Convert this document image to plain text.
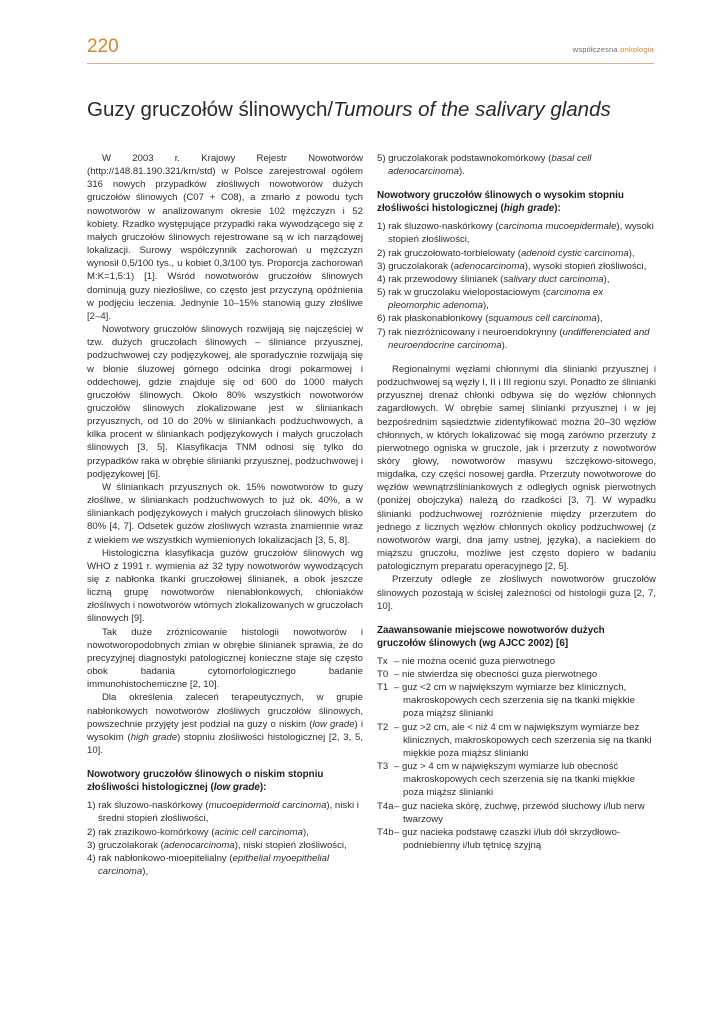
220	współczesna onkologia
Guzy gruczołów ślinowych/Tumours of the salivary glands

W 2003 r. Krajowy Rejestr Nowotworów (http://148.81.190.321/krn/std) w Polsce zarejestrował ogółem 316 nowych przypadków złośliwych nowotworów dużych gruczołów ślinowych (C07 + C08), a zmarło z powodu tych nowotworów w analizowanym okresie 102 mężczyzn i 52 kobiety. Rzadko występujące przypadki raka wywodzącego się z małych gruczołów ślinowych rejestrowane są w ich narządowej lokalizacji. Surowy współczynnik zachorowań u mężczyzn wynosił 0,5/100 tys., u kobiet 0,3/100 tys. Proporcja zachorowań M:K=1,5:1) [1]. Wśród nowotworów gruczołów ślinowych dominują guzy niezłośliwe, co często jest przyczyną opóźnienia w podjęciu leczenia. Jednynie 10–15% stanowią guzy złośliwe [2–4].

Nowotwory gruczołów ślinowych rozwijają się najczęściej w tzw. dużych gruczołach ślinowych – śliniance przyusznej, podżuchwowej czy podjęzykowej, ale sporadycznie rozwijają się w błonie śluzowej górnego odcinka drogi pokarmowej i oddechowej, gdzie znajduje się od 600 do 1000 małych gruczołów ślinowych. Około 80% wszystkich nowotworów gruczołów ślinowych zlokalizowane jest w śliniankach przyusznych, od 10 do 20% w śliniankach podżuchwowych, a kilka procent w śliniankach podjęzykowych i małych gruczołach ślinowych [3, 5]. Klasyfikacja TNM odnosi się tylko do przypadków raka w obrębie ślinianki przyusznej, podżuchwowej i podjęzykowej [6].

W śliniankach przyusznych ok. 15% nowotworów to guzy złośliwe, w śliniankach podżuchwowych to już ok. 40%, a w śliniankach podjęzykowych i małych gruczołach ślinowych blisko 80% [4, 7]. Odsetek guzów złośliwych wzrasta znamiennie wraz z wiekiem we wszystkich wymienionych lokalizacjach [3, 5, 8].

Histologiczna klasyfikacja guzów gruczołów ślinowych wg WHO z 1991 r. wymienia aż 32 typy nowotworów wywodzących się z nabłonka tkanki gruczołowej ślinianek, a obok jeszcze liczną grupę nowotworów nienabłonkowych, chłoniaków złośliwych i nowotworów wtórnych zlokalizowanych w gruczołach ślinowych [9].

Tak duże zróżnicowanie histologii nowotworów i nowotworopodobnych zmian w obrębie ślinianek sprawia, że do precyzyjnej diagnostyki patologicznej konieczne staje się często obok badania cytomorfologicznego badanie immunohistochemiczne [2, 10].

Dla określenia zaleceń terapeutycznych, w grupie nabłonkowych nowotworów złośliwych gruczołów ślinowych, powszechnie przyjęty jest podział na guzy o niskim (low grade) i wysokim (high grade) stopniu złośliwości histologicznej [2, 3, 5, 10].

Nowotwory gruczołów ślinowych o niskim stopniu złośliwości histologicznej (low grade):
1) rak śluzowo-naskórkowy (mucoepidermoid carcinoma), niski i średni stopień złośliwości,
2) rak zrazikowo-komórkowy (acinic cell carcinoma),
3) gruczolakorak (adenocarcinoma), niski stopień złośliwości,
4) rak nabłonkowo-mioepitelialny (epithelial myoepithelial carcinoma),
5) gruczolakorak podstawnokomórkowy (basal cell adenocarcinoma).
Nowotwory gruczołów ślinowych o wysokim stopniu złośliwości histologicznej (high grade):
1) rak śluzowo-naskórkowy (carcinoma mucoepidermale), wysoki stopień złośliwości,
2) rak gruczołowato-torbielowaty (adenoid cystic carcinoma),
3) gruczolakorak (adenocarcinoma), wysoki stopień złośliwości,
4) rak przewodowy ślinianek (salivary duct carcinoma),
5) rak w gruczolaku wielopostaciowym (carcinoma ex pleomorphic adenoma),
6) rak płaskonabłonkowy (squamous cell carcinoma),
7) rak niezróżnicowany i neuroendokrynny (undifferenciated and neuroendocrine carcinoma).

Regionalnymi węzłami chłonnymi dla ślinianki przyusznej i podżuchwowej są węzły I, II i III regionu szyi. Ponadto ze ślinianki przyusznej drenaż chłonki odbywa się do węzłów chłonnych zagardłowych. W obrębie samej ślinianki przyusznej i w jej bezpośrednim sąsiedztwie zidentyfikować można 20–30 węzłów chłonnych, w których lokalizować się mogą zarówno przerzuty z pierwotnego ogniska w gruczole, jak i przerzuty z nowotworów skóry głowy, nowotworów masywu szczękowo-sitowego, migdałka, czy części nosowej gardła. Przerzuty nowotworowe do węzłów wewnątrzśliniankowych z odległych ognisk pierwotnych (poniżej obojczyka) należą do rzadkości [3, 7]. W wypadku ślinianki podżuchwowej rozróżnienie między przerzutem do jednego z licznych węzłów chłonnych okolicy podżuchwowej (z nowotworów wargi, dna jamy ustnej, języka), a naciekiem do miąższu gruczołu, możliwe jest często dopiero w badaniu patologicznym preparatu operacyjnego [2, 5].

Przerzuty odległe ze złośliwych nowotworów gruczołów ślinowych pozostają w ścisłej zależności od histologii guza [2, 7, 10].

Zaawansowanie miejscowe nowotworów dużych gruczołów ślinowych (wg AJCC 2002) [6]
Tx – nie można ocenić guza pierwotnego
T0 – nie stwierdza się obecności guza pierwotnego
T1 – guz <2 cm w największym wymiarze bez klinicznych, makroskopowych cech szerzenia się na tkanki miękkie poza miąższ ślinianki
T2 – guz >2 cm, ale < niż 4 cm w największym wymiarze bez klinicznych, makroskopowych cech szerzenia się na tkanki miękkie poza miąższ ślinianki
T3 – guz > 4 cm w największym wymiarze lub obecność makroskopowych cech szerzenia się na tkanki miękkie poza miąższ ślinianki
T4a – guz nacieka skórę, żuchwę, przewód słuchowy i/lub nerw twarzowy
T4b – guz nacieka podstawę czaszki i/lub dół skrzydłowo-podniebienny i/lub tętnicę szyjną
